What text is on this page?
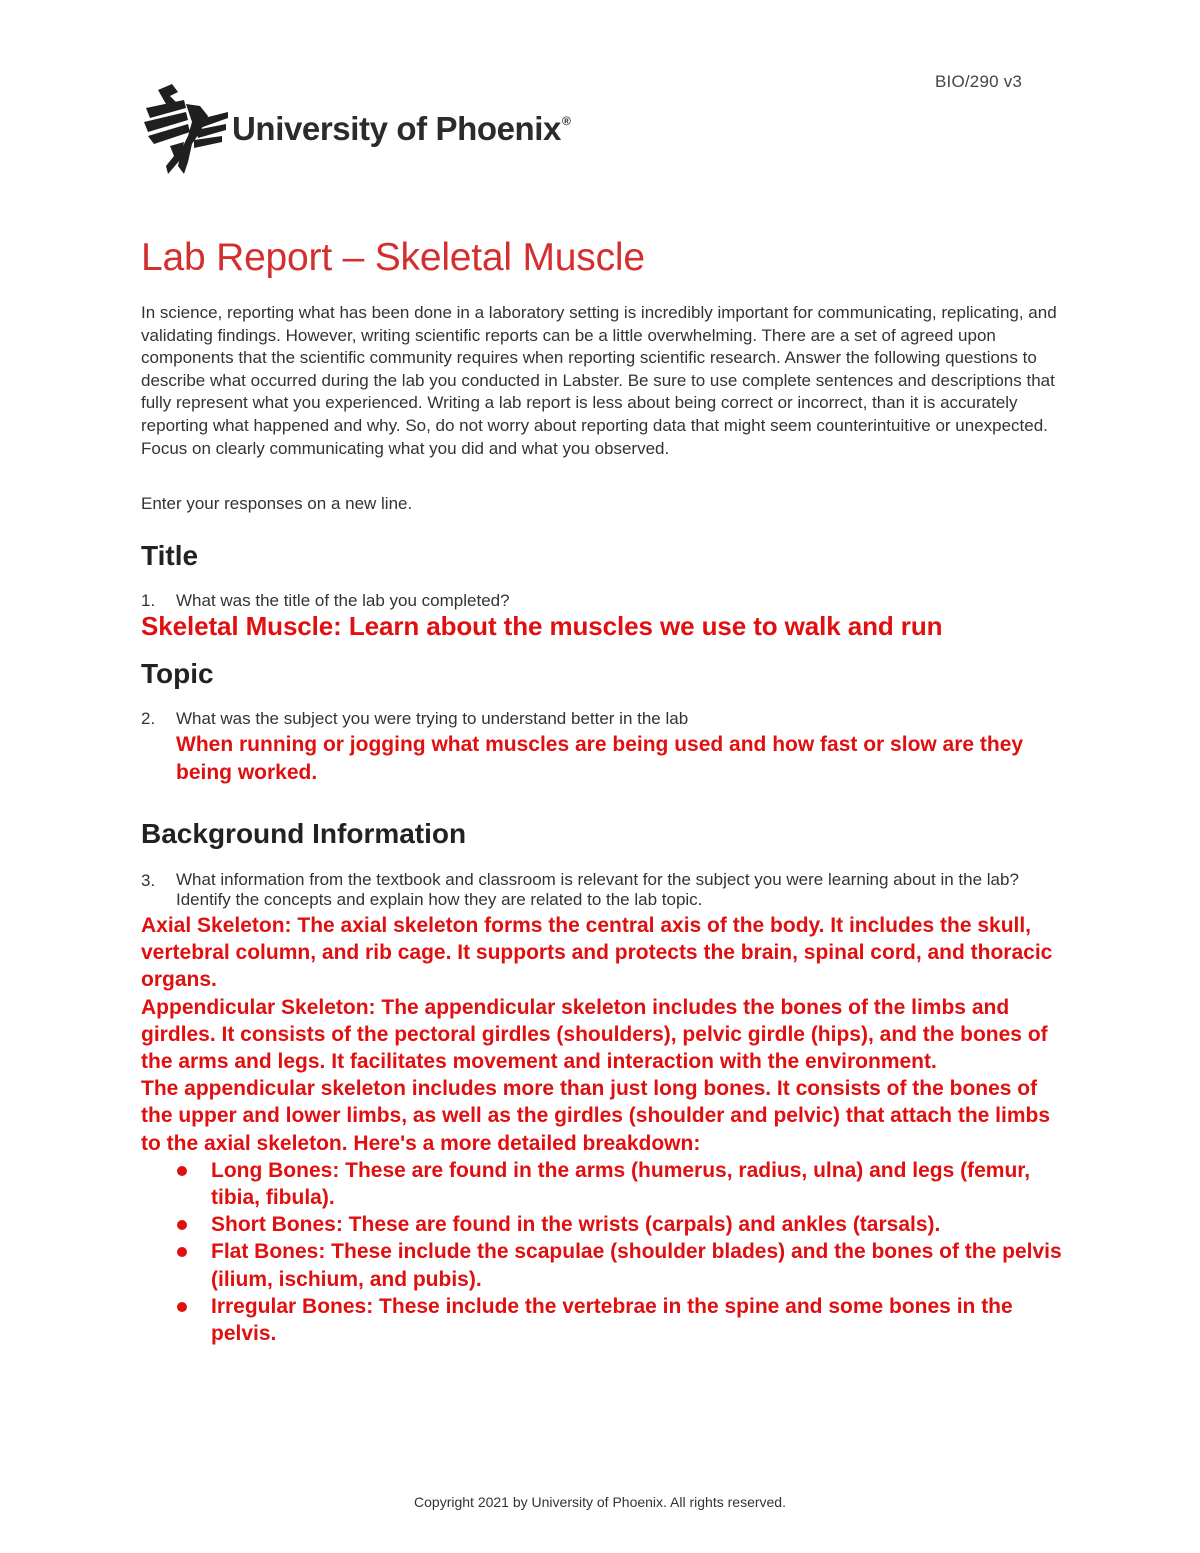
BIO/290 v3
University of Phoenix®
Lab Report – Skeletal Muscle

In science, reporting what has been done in a laboratory setting is incredibly important for communicating, replicating, and validating findings. However, writing scientific reports can be a little overwhelming. There are a set of agreed upon components that the scientific community requires when reporting scientific research. Answer the following questions to describe what occurred during the lab you conducted in Labster. Be sure to use complete sentences and descriptions that fully represent what you experienced. Writing a lab report is less about being correct or incorrect, than it is accurately reporting what happened and why. So, do not worry about reporting data that might seem counterintuitive or unexpected. Focus on clearly communicating what you did and what you observed.

Enter your responses on a new line.

Title
1. What was the title of the lab you completed?

Skeletal Muscle: Learn about the muscles we use to walk and run

Topic
2. What was the subject you were trying to understand better in the lab

When running or jogging what muscles are being used and how fast or slow are they being worked.

Background Information
3. What information from the textbook and classroom is relevant for the subject you were learning about in the lab? Identify the concepts and explain how they are related to the lab topic.

Axial Skeleton: The axial skeleton forms the central axis of the body. It includes the skull, vertebral column, and rib cage. It supports and protects the brain, spinal cord, and thoracic organs.

Appendicular Skeleton: The appendicular skeleton includes the bones of the limbs and girdles. It consists of the pectoral girdles (shoulders), pelvic girdle (hips), and the bones of the arms and legs. It facilitates movement and interaction with the environment.

The appendicular skeleton includes more than just long bones. It consists of the bones of the upper and lower limbs, as well as the girdles (shoulder and pelvic) that attach the limbs to the axial skeleton. Here's a more detailed breakdown:

Long Bones: These are found in the arms (humerus, radius, ulna) and legs (femur, tibia, fibula).
Short Bones: These are found in the wrists (carpals) and ankles (tarsals).
Flat Bones: These include the scapulae (shoulder blades) and the bones of the pelvis (ilium, ischium, and pubis).
Irregular Bones: These include the vertebrae in the spine and some bones in the pelvis.

Copyright 2021 by University of Phoenix. All rights reserved.
